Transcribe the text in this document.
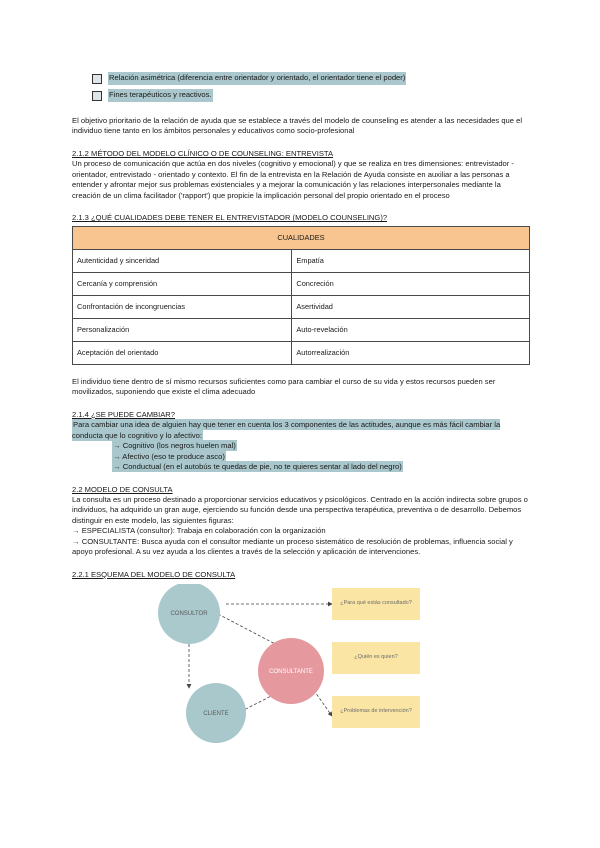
Relación asimétrica (diferencia entre orientador y orientado, el orientador tiene el poder)
Fines terapéuticos y reactivos.

El objetivo prioritario de la relación de ayuda que se establece a través del modelo de counseling es atender a las necesidades que el individuo tiene tanto en los ámbitos personales y educativos como socio-profesional

2.1.2 MÉTODO DEL MODELO CLÍNICO O DE COUNSELING: ENTREVISTA

Un proceso de comunicación que actúa en dos niveles (cognitivo y emocional) y que se realiza en tres dimensiones: entrevistador - orientador, entrevistado - orientado y contexto. El fin de la entrevista en la Relación de Ayuda consiste en auxiliar a las personas a entender y afrontar mejor sus problemas existenciales y a mejorar la comunicación y las relaciones interpersonales mediante la creación de un clima facilitador ('rapport') que propicie la implicación personal del propio orientado en el proceso

2.1.3 ¿QUÉ CUALIDADES DEBE TENER EL ENTREVISTADOR (MODELO COUNSELING)?

CUALIDADES	
Autenticidad y sinceridad	Empatía
Cercanía y comprensión	Concreción
Confrontación de incongruencias	Asertividad
Personalización	Auto-revelación
Aceptación del orientado	Autorrealización

El individuo tiene dentro de sí mismo recursos suficientes como para cambiar el curso de su vida y estos recursos pueden ser movilizados, suponiendo que existe el clima adecuado

2.1.4 ¿SE PUEDE CAMBIAR?

Para cambiar una idea de alguien hay que tener en cuenta los 3 componentes de las actitudes, aunque es más fácil cambiar la conducta que lo cognitivo y lo afectivo:

→ Cognitivo (los negros huelen mal)

→ Afectivo (eso te produce asco)

→ Conductual (en el autobús te quedas de pie, no te quieres sentar al lado del negro)

2.2 MODELO DE CONSULTA

La consulta es un proceso destinado a proporcionar servicios educativos y psicológicos. Centrado en la acción indirecta sobre grupos o individuos, ha adquirido un gran auge, ejerciendo su función desde una perspectiva terapéutica, preventiva o de desarrollo. Debemos distinguir en este modelo, las siguientes figuras:

→ ESPECIALISTA (consultor): Trabaja en colaboración con la organización

→ CONSULTANTE: Busca ayuda con el consultor mediante un proceso sistemático de resolución de problemas, influencia social y apoyo profesional. A su vez ayuda a los clientes a través de la selección y aplicación de intervenciones.

2.2.1 ESQUEMA DEL MODELO DE CONSULTA

CONSULTOR
CONSULTANTE
CLIENTE
¿Para qué estás consultado?
¿Quién es quien?
¿Problemas de intervención?
